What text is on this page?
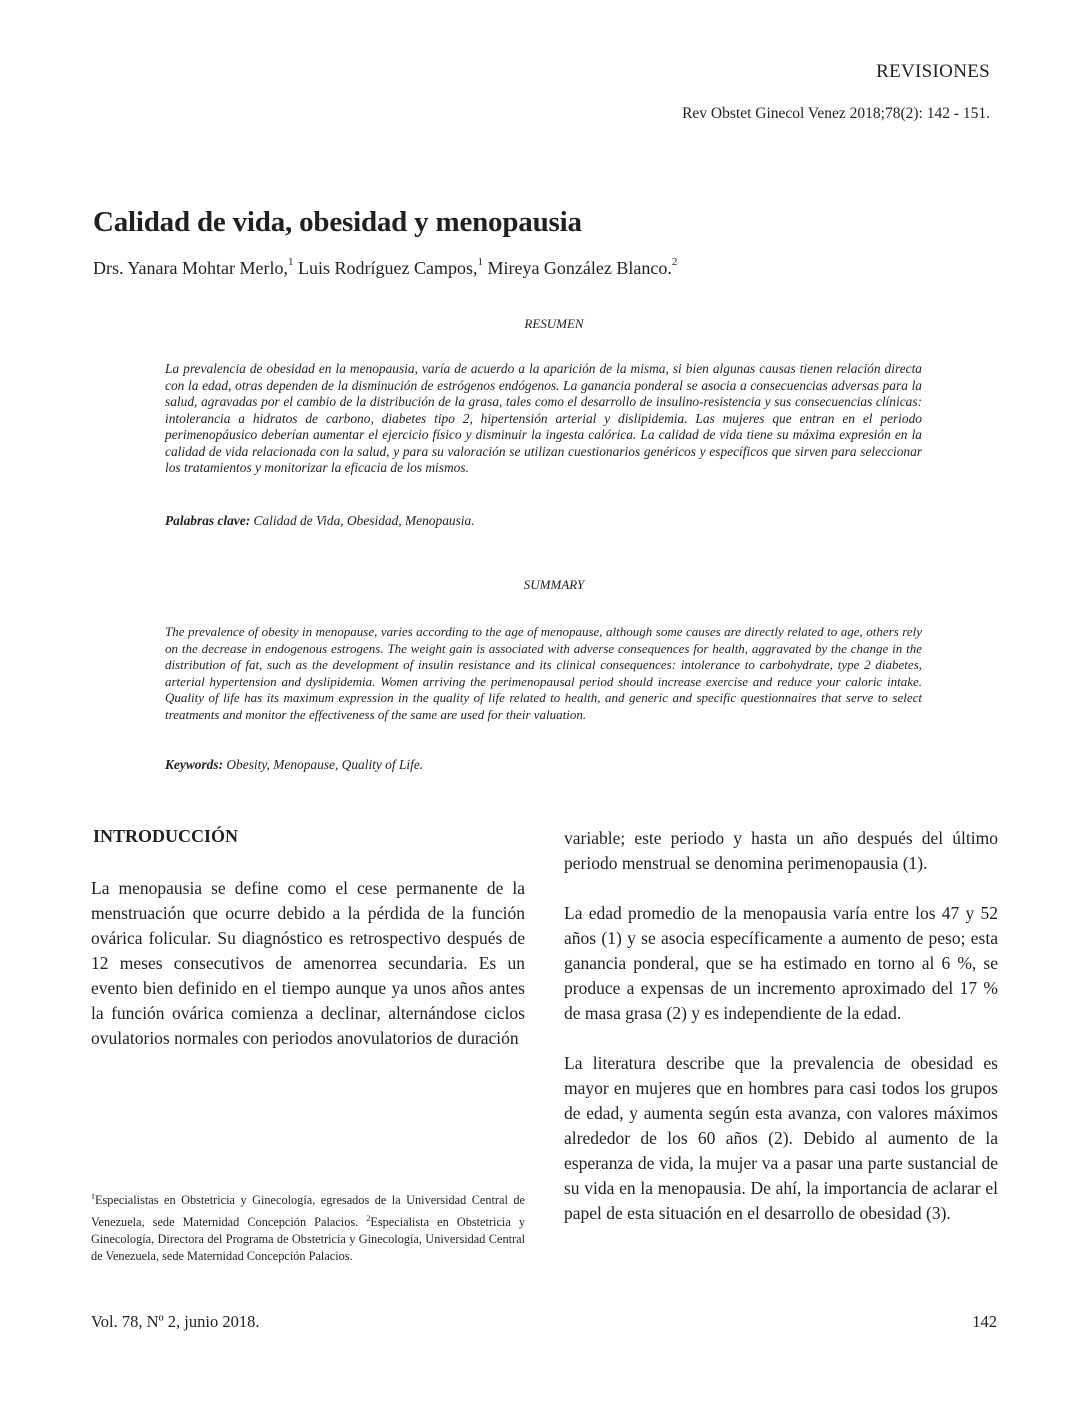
REVISIONES
Rev Obstet Ginecol Venez 2018;78(2): 142 - 151.
Calidad de vida, obesidad y menopausia
Drs. Yanara Mohtar Merlo,$^1$ Luis Rodríguez Campos,$^1$ Mireya González Blanco.$^2$
RESUMEN

La prevalencia de obesidad en la menopausia, varía de acuerdo a la aparición de la misma, si bien algunas causas tienen relación directa con la edad, otras dependen de la disminución de estrógenos endógenos. La ganancia ponderal se asocia a consecuencias adversas para la salud, agravadas por el cambio de la distribución de la grasa, tales como el desarrollo de insulino-resistencia y sus consecuencias clínicas: intolerancia a hidratos de carbono, diabetes tipo 2, hipertensión arterial y dislipidemia. Las mujeres que entran en el periodo perimenopáusico deberían aumentar el ejercicio físico y disminuir la ingesta calórica. La calidad de vida tiene su máxima expresión en la calidad de vida relacionada con la salud, y para su valoración se utilizan cuestionarios genéricos y específicos que sirven para seleccionar los tratamientos y monitorizar la eficacia de los mismos.

Palabras clave: Calidad de Vida, Obesidad, Menopausia.
SUMMARY

The prevalence of obesity in menopause, varies according to the age of menopause, although some causes are directly related to age, others rely on the decrease in endogenous estrogens. The weight gain is associated with adverse consequences for health, aggravated by the change in the distribution of fat, such as the development of insulin resistance and its clinical consequences: intolerance to carbohydrate, type 2 diabetes, arterial hypertension and dyslipidemia. Women arriving the perimenopausal period should increase exercise and reduce your caloric intake. Quality of life has its maximum expression in the quality of life related to health, and generic and specific questionnaires that serve to select treatments and monitor the effectiveness of the same are used for their valuation.

Keywords: Obesity, Menopause, Quality of Life.
INTRODUCCIÓN

La menopausia se define como el cese permanente de la menstruación que ocurre debido a la pérdida de la función ovárica folicular. Su diagnóstico es retrospectivo después de 12 meses consecutivos de amenorrea secundaria. Es un evento bien definido en el tiempo aunque ya unos años antes la función ovárica comienza a declinar, alternándose ciclos ovulatorios normales con periodos anovulatorios de duración

variable; este periodo y hasta un año después del último periodo menstrual se denomina perimenopausia (1).

La edad promedio de la menopausia varía entre los 47 y 52 años (1) y se asocia específicamente a aumento de peso; esta ganancia ponderal, que se ha estimado en torno al 6 %, se produce a expensas de un incremento aproximado del 17 % de masa grasa (2) y es independiente de la edad.

La literatura describe que la prevalencia de obesidad es mayor en mujeres que en hombres para casi todos los grupos de edad, y aumenta según esta avanza, con valores máximos alrededor de los 60 años (2). Debido al aumento de la esperanza de vida, la mujer va a pasar una parte sustancial de su vida en la menopausia. De ahí, la importancia de aclarar el papel de esta situación en el desarrollo de obesidad (3).

$^1$Especialistas en Obstetricia y Ginecología, egresados de la Universidad Central de Venezuela, sede Maternidad Concepción Palacios. $^2$Especialista en Obstetricia y Ginecología, Directora del Programa de Obstetricia y Ginecología, Universidad Central de Venezuela, sede Maternidad Concepción Palacios.

Vol. 78, Nº 2, junio 2018.	142
